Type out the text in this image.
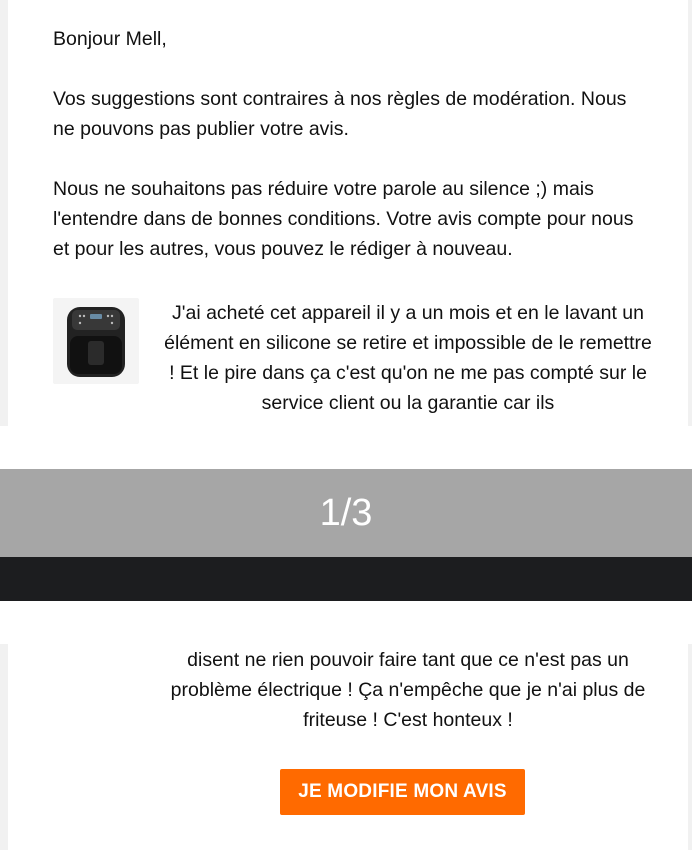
Bonjour Mell,
Vos suggestions sont contraires à nos règles de modération. Nous ne pouvons pas publier votre avis.
Nous ne souhaitons pas réduire votre parole au silence ;) mais l'entendre dans de bonnes conditions. Votre avis compte pour nous et pour les autres, vous pouvez le rédiger à nouveau.
J'ai acheté cet appareil il y a un mois et en le lavant un élément en silicone se retire et impossible de le remettre ! Et le pire dans ça c'est qu'on ne me pas compté sur le service client ou la garantie car ils
1/3
disent ne rien pouvoir faire tant que ce n'est pas un problème électrique ! Ça n'empêche que je n'ai plus de friteuse ! C'est honteux !
JE MODIFIE MON AVIS
